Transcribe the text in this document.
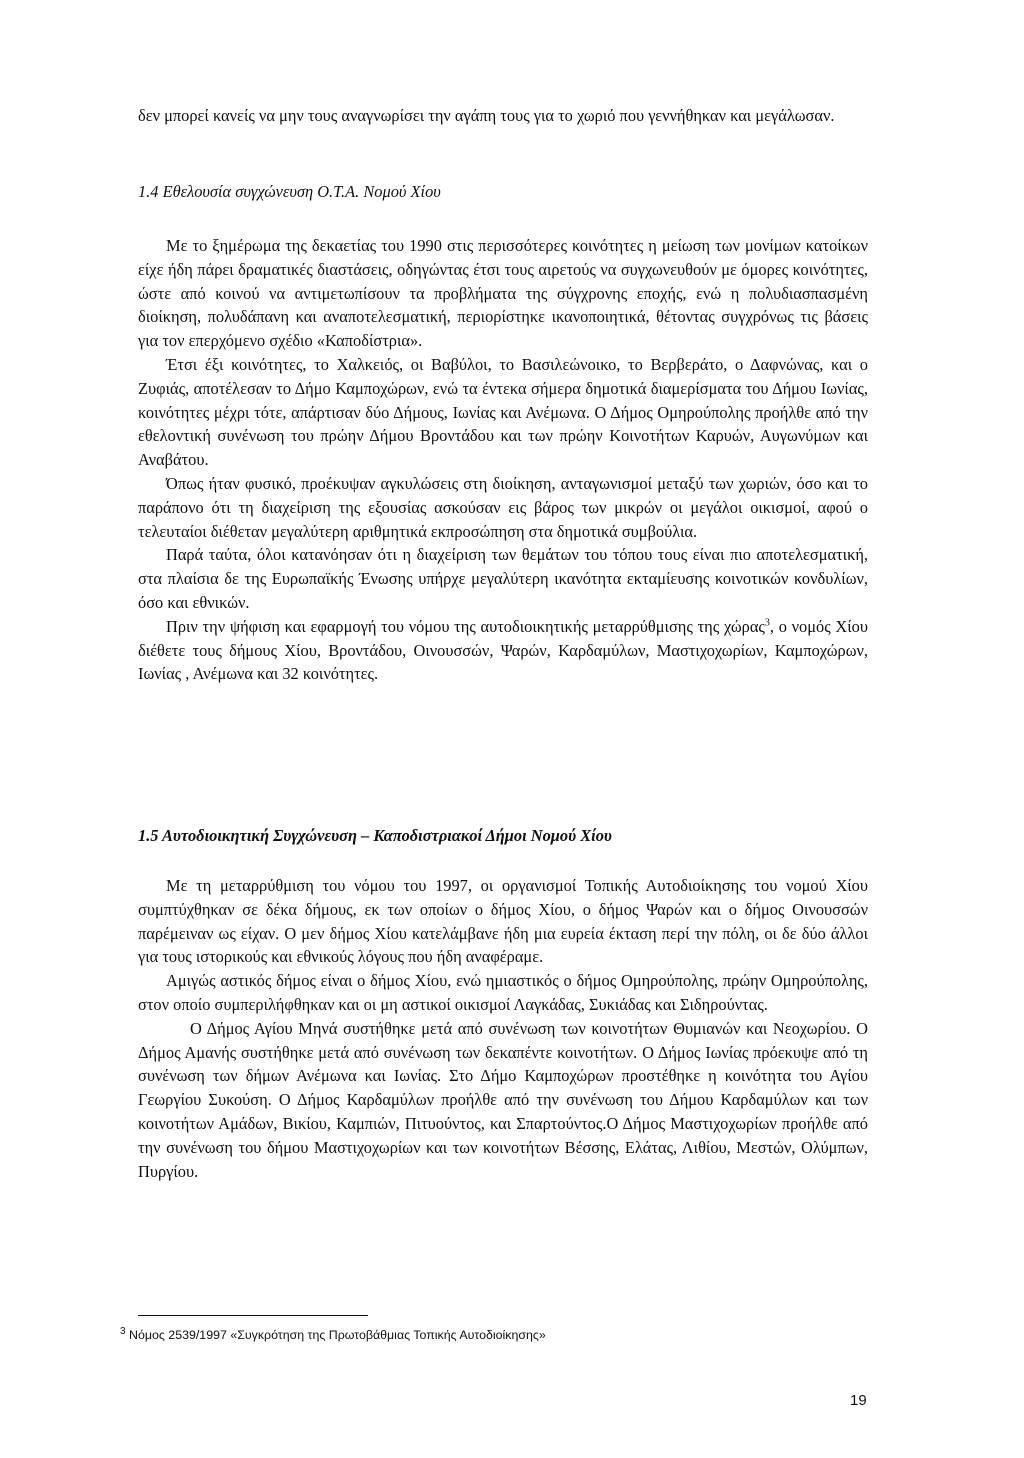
δεν μπορεί κανείς να μην τους αναγνωρίσει την αγάπη τους για το χωριό που γεννήθηκαν και μεγάλωσαν.
1.4 Εθελουσία συγχώνευση Ο.Τ.Α. Νομού Χίου

Με το ξημέρωμα της δεκαετίας του 1990 στις περισσότερες κοινότητες η μείωση των μονίμων κατοίκων είχε ήδη πάρει δραματικές διαστάσεις, οδηγώντας έτσι τους αιρετούς να συγχωνευθούν με όμορες κοινότητες, ώστε από κοινού να αντιμετωπίσουν τα προβλήματα της σύγχρονης εποχής, ενώ η πολυδιασπασμένη διοίκηση, πολυδάπανη και αναποτελεσματική, περιορίστηκε ικανοποιητικά, θέτοντας συγχρόνως τις βάσεις για τον επερχόμενο σχέδιο «Καποδίστρια».

Έτσι έξι κοινότητες, το Χαλκειός, οι Βαβύλοι, το Βασιλεώνοικο, το Βερβεράτο, ο Δαφνώνας, και ο Ζυφιάς, αποτέλεσαν το Δήμο Καμποχώρων, ενώ τα έντεκα σήμερα δημοτικά διαμερίσματα του Δήμου Ιωνίας, κοινότητες μέχρι τότε, απάρτισαν δύο Δήμους, Ιωνίας και Ανέμωνα. Ο Δήμος Ομηρούπολης προήλθε από την εθελοντική συνένωση του πρώην Δήμου Βροντάδου και των πρώην Κοινοτήτων Καρυών, Αυγωνύμων και Αναβάτου.

Όπως ήταν φυσικό, προέκυψαν αγκυλώσεις στη διοίκηση, ανταγωνισμοί μεταξύ των χωριών, όσο και το παράπονο ότι τη διαχείριση της εξουσίας ασκούσαν εις βάρος των μικρών οι μεγάλοι οικισμοί, αφού ο τελευταίοι διέθεταν μεγαλύτερη αριθμητικά εκπροσώπηση στα δημοτικά συμβούλια.

Παρά ταύτα, όλοι κατανόησαν ότι η διαχείριση των θεμάτων του τόπου τους είναι πιο αποτελεσματική, στα πλαίσια δε της Ευρωπαϊκής Ένωσης υπήρχε μεγαλύτερη ικανότητα εκταμίευσης κοινοτικών κονδυλίων, όσο και εθνικών.

Πριν την ψήφιση και εφαρμογή του νόμου της αυτοδιοικητικής μεταρρύθμισης της χώρας$^3$, ο νομός Χίου διέθετε τους δήμους Χίου, Βροντάδου, Οινουσσών, Ψαρών, Καρδαμύλων, Μαστιχοχωρίων, Καμποχώρων, Ιωνίας , Ανέμωνα και 32 κοινότητες.

1.5 Αυτοδιοικητική Συγχώνευση – Καποδιστριακοί Δήμοι Νομού Χίου

Με τη μεταρρύθμιση του νόμου του 1997, οι οργανισμοί Τοπικής Αυτοδιοίκησης του νομού Χίου συμπτύχθηκαν σε δέκα δήμους, εκ των οποίων ο δήμος Χίου, ο δήμος Ψαρών και ο δήμος Οινουσσών παρέμειναν ως είχαν. Ο μεν δήμος Χίου κατελάμβανε ήδη μια ευρεία έκταση περί την πόλη, οι δε δύο άλλοι για τους ιστορικούς και εθνικούς λόγους που ήδη αναφέραμε.

Αμιγώς αστικός δήμος είναι ο δήμος Χίου, ενώ ημιαστικός ο δήμος Ομηρούπολης, πρώην Ομηρούπολης, στον οποίο συμπεριλήφθηκαν και οι μη αστικοί οικισμοί Λαγκάδας, Συκιάδας και Σιδηρούντας.

Ο Δήμος Αγίου Μηνά συστήθηκε μετά από συνένωση των κοινοτήτων Θυμιανών και Νεοχωρίου. Ο Δήμος Αμανής συστήθηκε μετά από συνένωση των δεκαπέντε κοινοτήτων. Ο Δήμος Ιωνίας πρόεκυψε από τη συνένωση των δήμων Ανέμωνα και Ιωνίας. Στο Δήμο Καμποχώρων προστέθηκε η κοινότητα του Αγίου Γεωργίου Συκούση. Ο Δήμος Καρδαμύλων προήλθε από την συνένωση του Δήμου Καρδαμύλων και των κοινοτήτων Αμάδων, Βικίου, Καμπιών, Πιτυούντος, και Σπαρτούντος.Ο Δήμος Μαστιχοχωρίων προήλθε από την συνένωση του δήμου Μαστιχοχωρίων και των κοινοτήτων Βέσσης, Ελάτας, Λιθίου, Μεστών, Ολύμπων, Πυργίου.

$^3$ Νόμος 2539/1997 «Συγκρότηση της Πρωτοβάθμιας Τοπικής Αυτοδιοίκησης»
19
